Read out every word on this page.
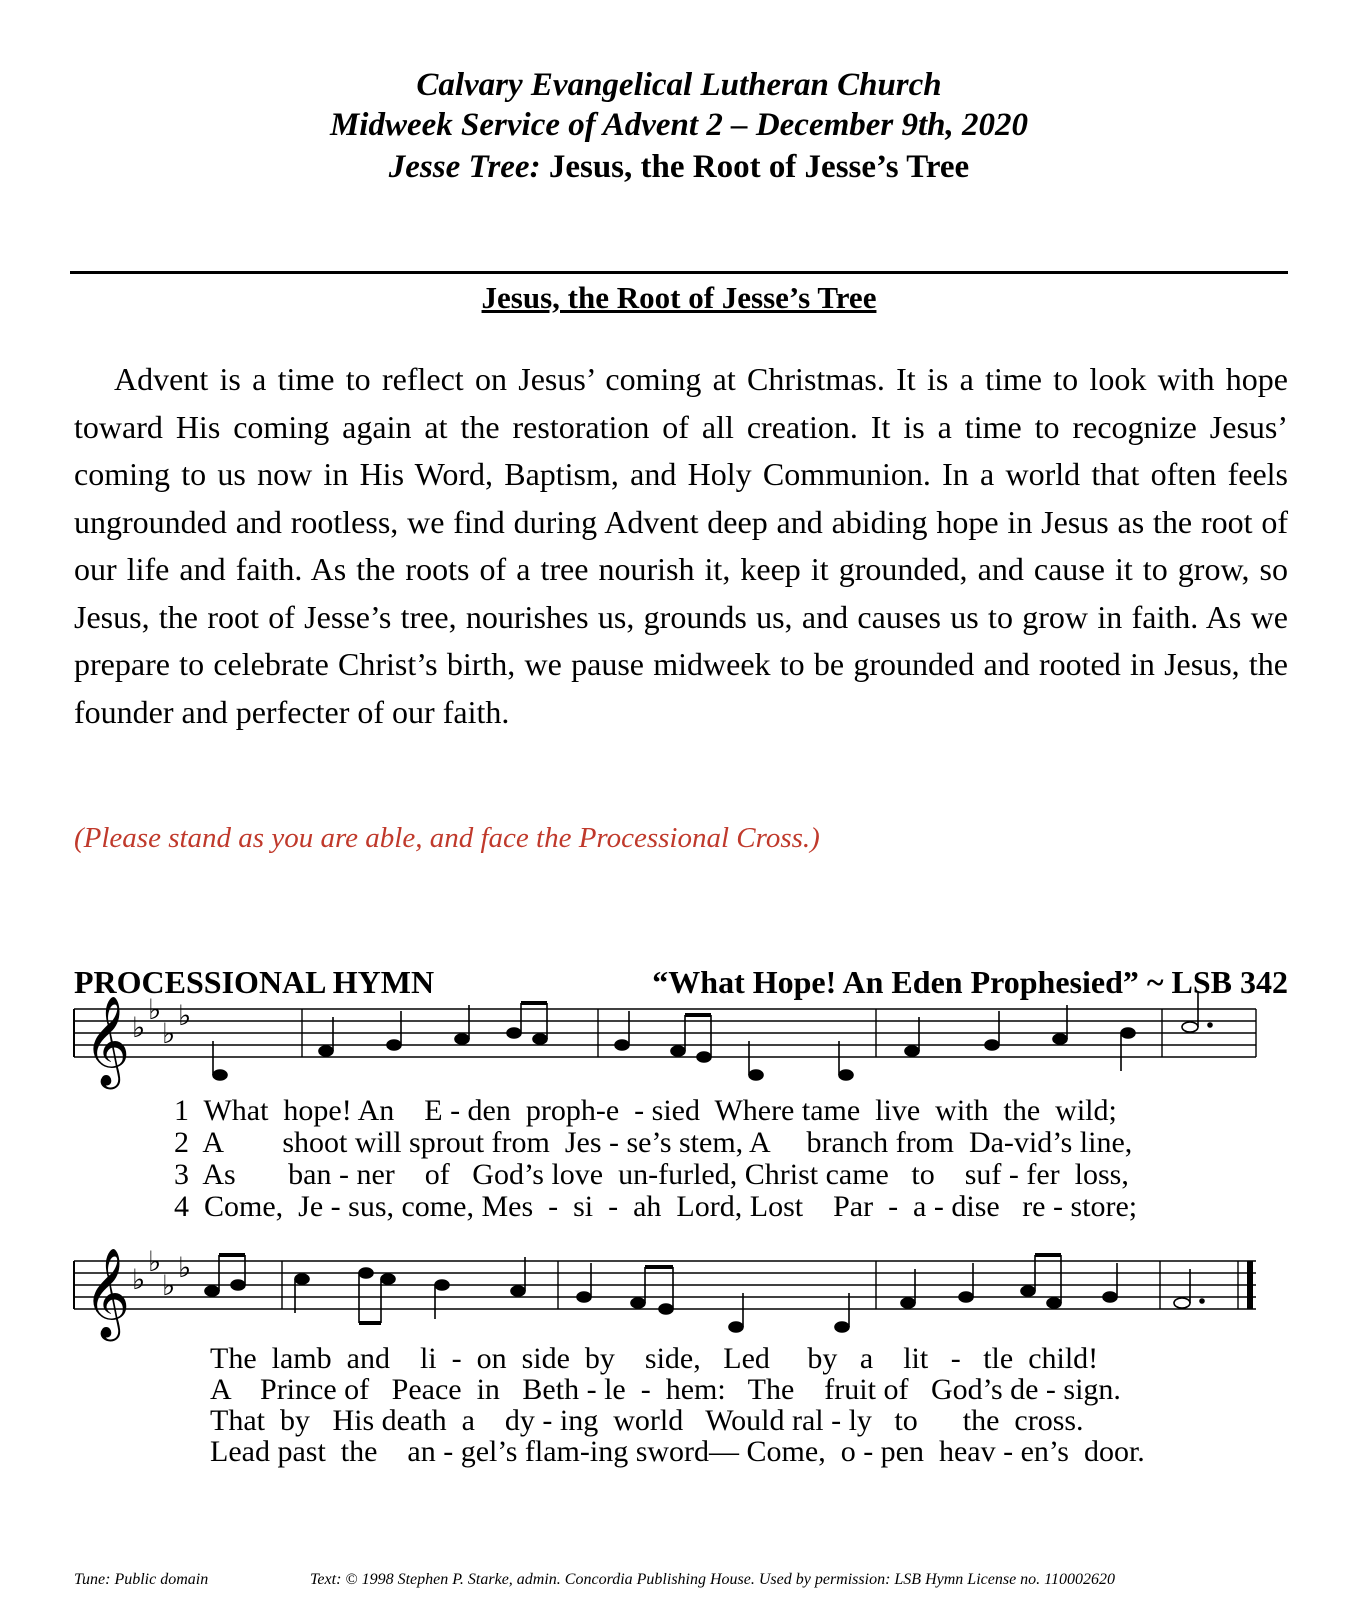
Calvary Evangelical Lutheran Church
Midweek Service of Advent 2 – December 9th, 2020
Jesse Tree: Jesus, the Root of Jesse’s Tree
Jesus, the Root of Jesse’s Tree

Advent is a time to reflect on Jesus’ coming at Christmas. It is a time to look with hope toward His coming again at the restoration of all creation. It is a time to recognize Jesus’ coming to us now in His Word, Baptism, and Holy Communion. In a world that often feels ungrounded and rootless, we find during Advent deep and abiding hope in Jesus as the root of our life and faith. As the roots of a tree nourish it, keep it grounded, and cause it to grow, so Jesus, the root of Jesse’s tree, nourishes us, grounds us, and causes us to grow in faith. As we prepare to celebrate Christ’s birth, we pause midweek to be grounded and rooted in Jesus, the founder and perfecter of our faith.

(Please stand as you are able, and face the Processional Cross.)
PROCESSIONAL HYMN	“What Hope! An Eden Prophesied” ~ LSB 342
𝄞 ♭
♭
♭
♭
1  What  hope! An    E - den  proph-e  - sied  Where tame  live  with  the  wild;
2  A        shoot will sprout from  Jes - se’s stem, A     branch from  Da-vid’s line,
3  As       ban - ner    of   God’s love  un-furled, Christ came   to    suf - fer  loss,
4  Come,  Je - sus, come, Mes  -  si  -  ah  Lord, Lost    Par  -  a - dise   re - store;
𝄞 ♭
♭
♭
♭
The  lamb  and    li  -  on  side  by    side,   Led     by   a    lit   -   tle  child!
A    Prince of   Peace  in   Beth - le  -  hem:   The    fruit of   God’s de - sign.
That  by   His death  a    dy - ing  world   Would ral - ly   to      the  cross.
Lead past  the    an - gel’s flam-ing sword— Come,  o - pen  heav - en’s  door.
Tune: Public domain	Text: © 1998 Stephen P. Starke, admin. Concordia Publishing House. Used by permission: LSB Hymn License no. 110002620
